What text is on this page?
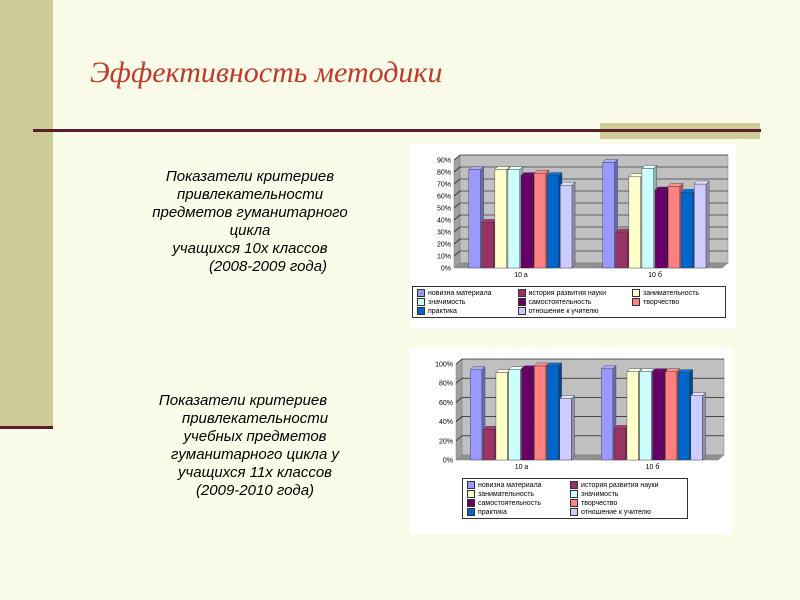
Эффективность методики
Показатели критериев
привлекательности
предметов гуманитарного
цикла
учащихся 10х классов
(2008-2009 года)
Показатели критериев
привлекательности
учебных предметов
гуманитарного цикла у
учащихся 11х классов
(2009-2010 года)
0%
10%
20%
30%
40%
50%
60%
70%
80%
90%
10 а	10 б
новизна материала	история развития науки	занимательность
значимость	самостоятельность	творчество
практика	отношение к учителю
0%
20%
40%
60%
80%
100%
10 а	10 б
новизна материала	история развития науки
занимательность	значимость
самостоятельность	творчество
практика	отношение к учителю
